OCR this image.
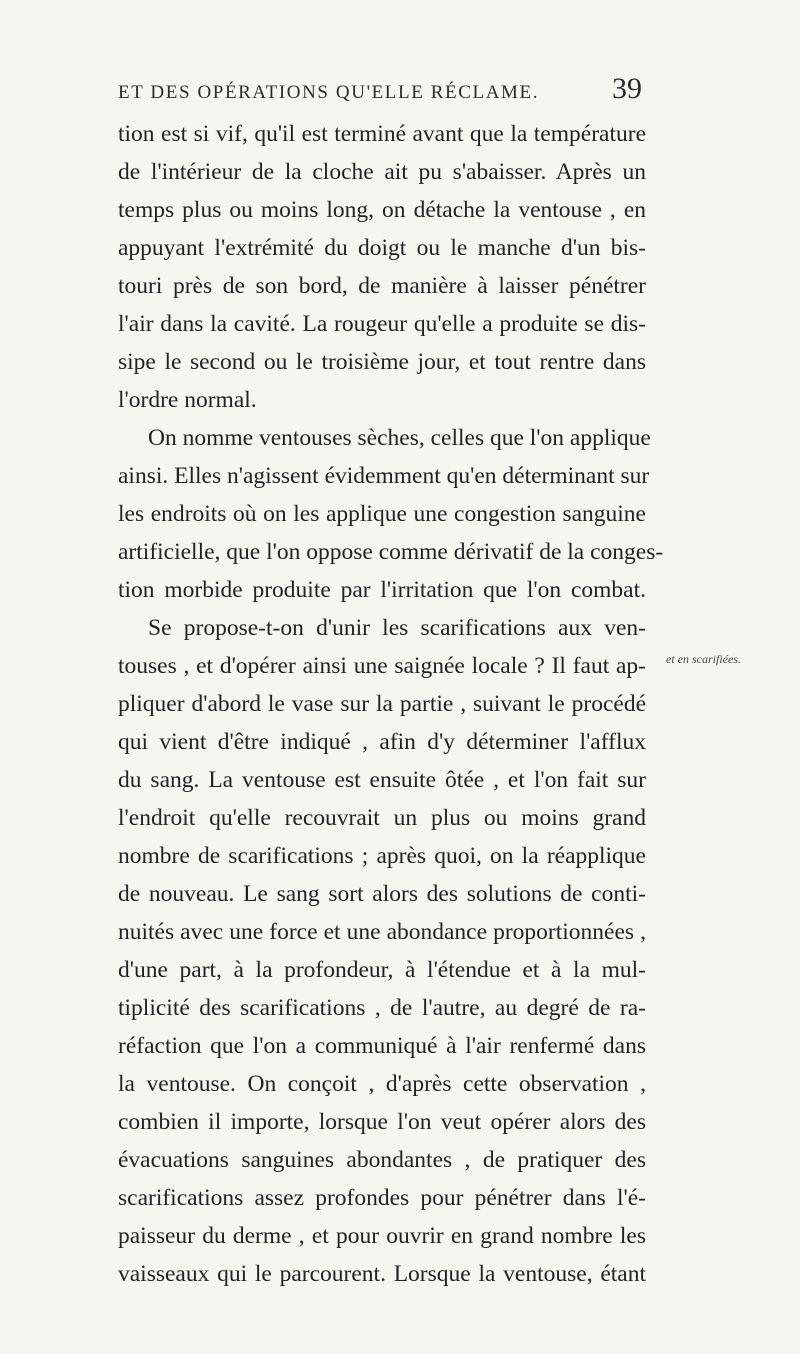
ET DES OPÉRATIONS QU'ELLE RÉCLAME.	39
tion est si vif, qu'il est terminé avant que la température
de l'intérieur de la cloche ait pu s'abaisser. Après un
temps plus ou moins long, on détache la ventouse , en
appuyant l'extrémité du doigt ou le manche d'un bis-
touri près de son bord, de manière à laisser pénétrer
l'air dans la cavité. La rougeur qu'elle a produite se dis-
sipe le second ou le troisième jour, et tout rentre dans
l'ordre normal.
On nomme ventouses sèches, celles que l'on applique
ainsi. Elles n'agissent évidemment qu'en déterminant sur
les endroits où on les applique une congestion sanguine
artificielle, que l'on oppose comme dérivatif de la conges-
tion morbide produite par l'irritation que l'on combat.
Se propose-t-on d'unir les scarifications aux ven-
touses , et d'opérer ainsi une saignée locale ? Il faut ap-
pliquer d'abord le vase sur la partie , suivant le procédé
qui vient d'être indiqué , afin d'y déterminer l'afflux
du sang. La ventouse est ensuite ôtée , et l'on fait sur
l'endroit qu'elle recouvrait un plus ou moins grand
nombre de scarifications ; après quoi, on la réapplique
de nouveau. Le sang sort alors des solutions de conti-
nuités avec une force et une abondance proportionnées ,
d'une part, à la profondeur, à l'étendue et à la mul-
tiplicité des scarifications , de l'autre, au degré de ra-
réfaction que l'on a communiqué à l'air renfermé dans
la ventouse. On conçoit , d'après cette observation ,
combien il importe, lorsque l'on veut opérer alors des
évacuations sanguines abondantes , de pratiquer des
scarifications assez profondes pour pénétrer dans l'é-
paisseur du derme , et pour ouvrir en grand nombre les
vaisseaux qui le parcourent. Lorsque la ventouse, étant
et en scarifiées.
